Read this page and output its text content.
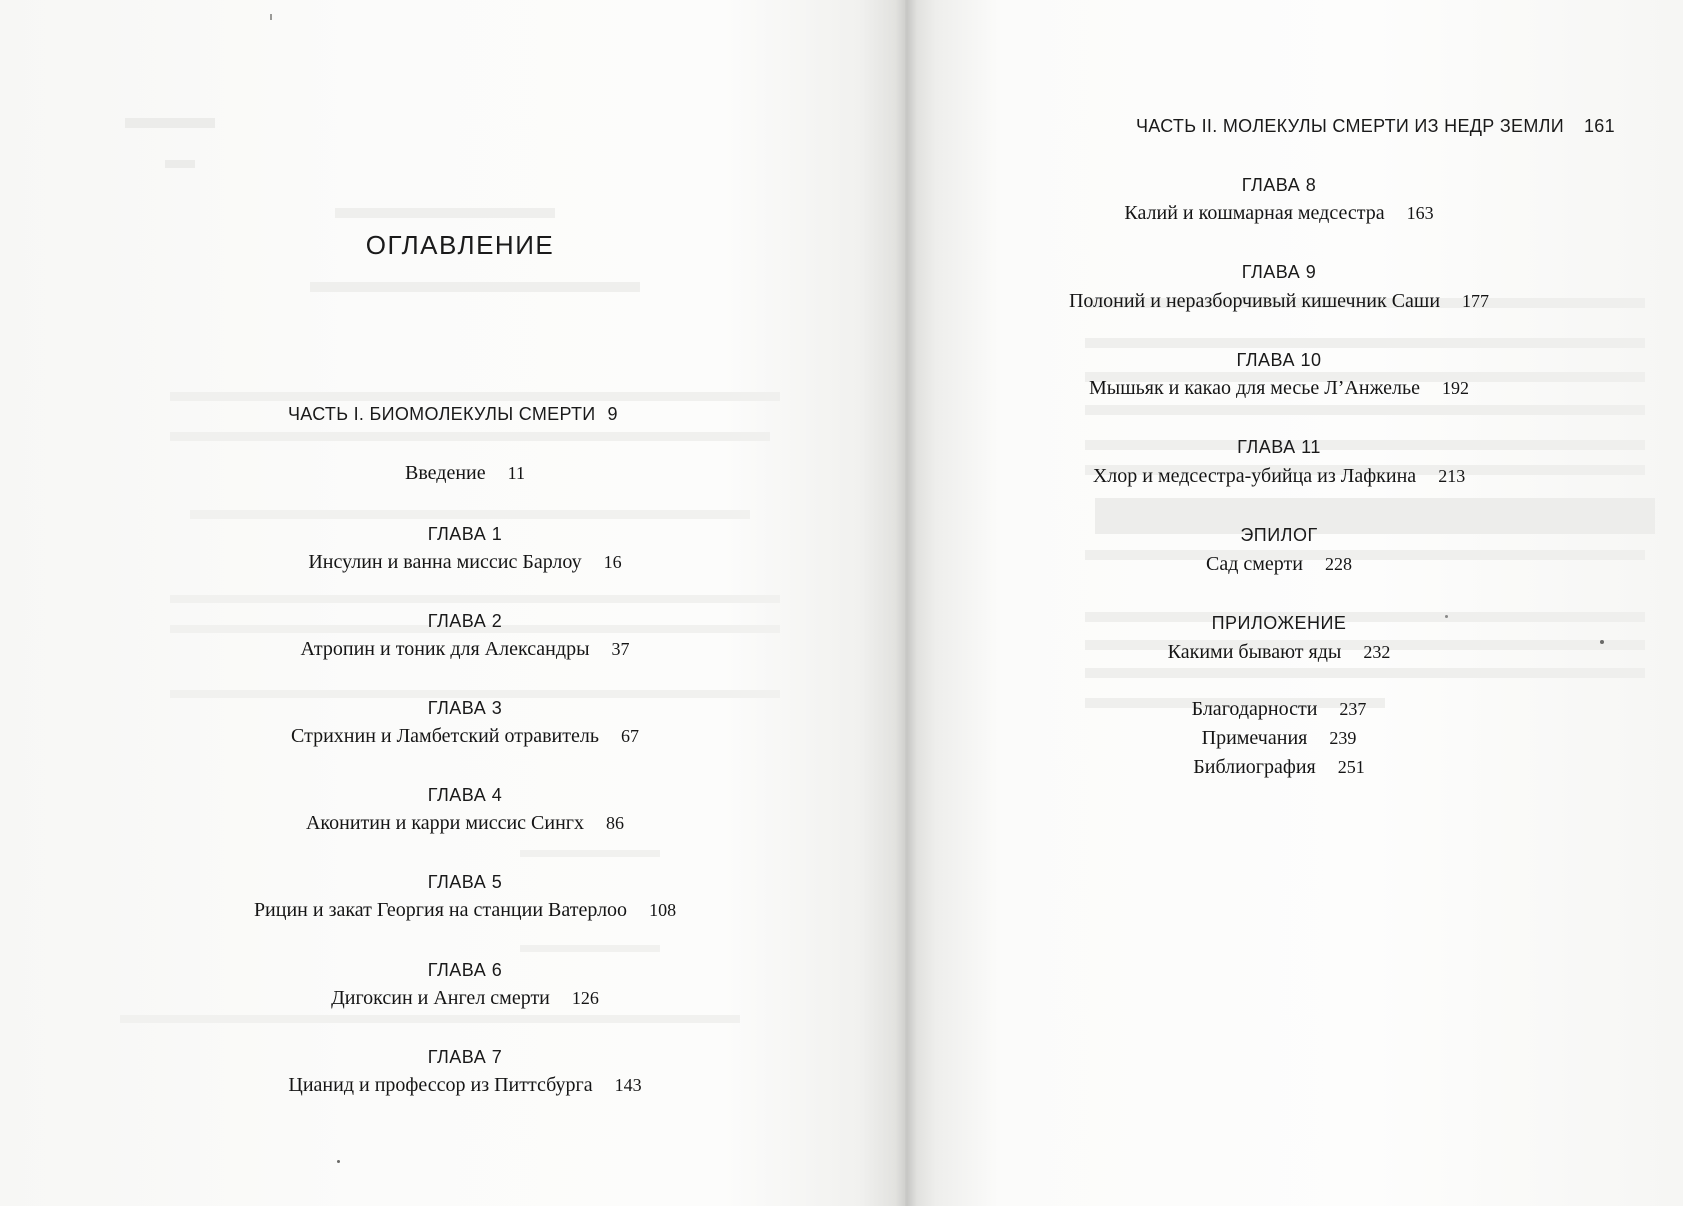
ОГЛАВЛЕНИЕ
ЧАСТЬ I. БИОМОЛЕКУЛЫ СМЕРТИ 9
Введение 11
ГЛАВА 1
Инсулин и ванна миссис Барлоу 16
ГЛАВА 2
Атропин и тоник для Александры 37
ГЛАВА 3
Стрихнин и Ламбетский отравитель 67
ГЛАВА 4
Аконитин и карри миссис Сингх 86
ГЛАВА 5
Рицин и закат Георгия на станции Ватерлоо 108
ГЛАВА 6
Дигоксин и Ангел смерти 126
ГЛАВА 7
Цианид и профессор из Питтсбурга 143
ЧАСТЬ II. МОЛЕКУЛЫ СМЕРТИ ИЗ НЕДР ЗЕМЛИ 161
ГЛАВА 8
Калий и кошмарная медсестра 163
ГЛАВА 9
Полоний и неразборчивый кишечник Саши 177
ГЛАВА 10
Мышьяк и какао для месье Л’Анжелье 192
ГЛАВА 11
Хлор и медсестра-убийца из Лафкина 213
ЭПИЛОГ
Сад смерти 228
ПРИЛОЖЕНИЕ
Какими бывают яды 232
Благодарности 237
Примечания 239
Библиография 251
